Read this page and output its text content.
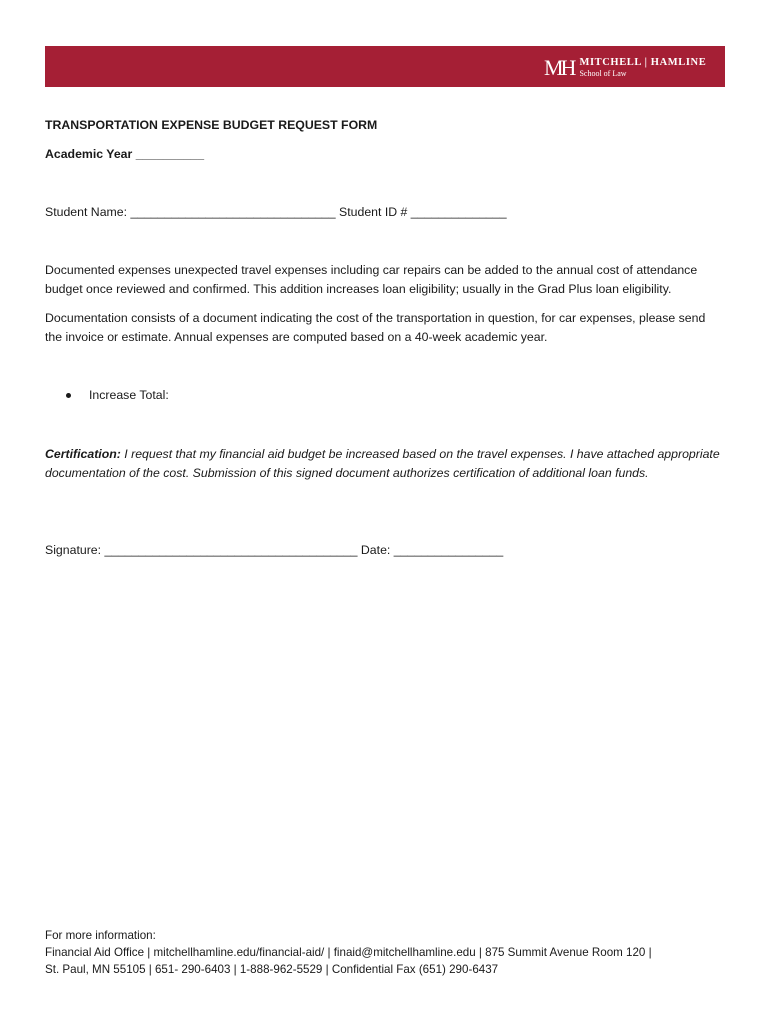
MH MITCHELL | HAMLINE
School of Law
TRANSPORTATION EXPENSE BUDGET REQUEST FORM
Academic Year __________
Student Name: ______________________________ Student ID # ______________
Documented expenses unexpected travel expenses including car repairs can be added to the annual cost of attendance budget once reviewed and confirmed. This addition increases loan eligibility; usually in the Grad Plus loan eligibility.
Documentation consists of a document indicating the cost of the transportation in question, for car expenses, please send the invoice or estimate. Annual expenses are computed based on a 40-week academic year.
Increase Total:
Certification: I request that my financial aid budget be increased based on the travel expenses. I have attached appropriate documentation of the cost. Submission of this signed document authorizes certification of additional loan funds.
Signature: _____________________________________ Date: ________________
For more information:
Financial Aid Office | mitchellhamline.edu/financial-aid/ | finaid@mitchellhamline.edu | 875 Summit Avenue Room 120 |
St. Paul, MN 55105 | 651- 290-6403 | 1-888-962-5529 | Confidential Fax (651) 290-6437
